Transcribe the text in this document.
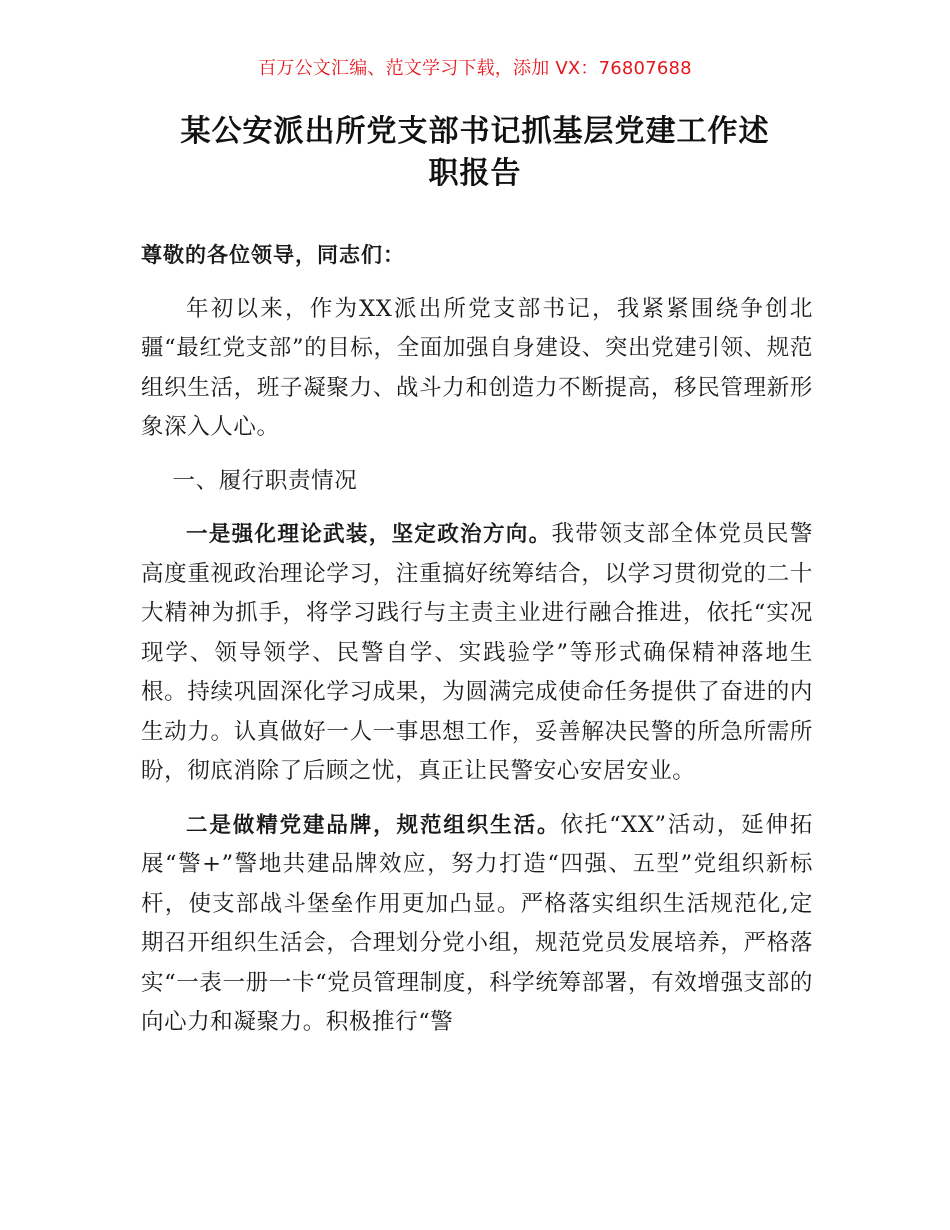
百万公文汇编、范文学习下载，添加 VX：76807688
某公安派出所党支部书记抓基层党建工作述
职报告

尊敬的各位领导，同志们：

年初以来，作为XX派出所党支部书记，我紧紧围绕争创北疆“最红党支部”的目标，全面加强自身建设、突出党建引领、规范组织生活，班子凝聚力、战斗力和创造力不断提高，移民管理新形象深入人心。

一、履行职责情况

一是强化理论武装，坚定政治方向。我带领支部全体党员民警高度重视政治理论学习，注重搞好统筹结合，以学习贯彻党的二十大精神为抓手，将学习践行与主责主业进行融合推进，依托“实况现学、领导领学、民警自学、实践验学”等形式确保精神落地生根。持续巩固深化学习成果，为圆满完成使命任务提供了奋进的内生动力。认真做好一人一事思想工作，妥善解决民警的所急所需所盼，彻底消除了后顾之忧，真正让民警安心安居安业。

二是做精党建品牌，规范组织生活。依托“XX”活动，延伸拓展“警+”警地共建品牌效应，努力打造“四强、五型”党组织新标杆，使支部战斗堡垒作用更加凸显。严格落实组织生活规范化,定期召开组织生活会，合理划分党小组，规范党员发展培养，严格落实“一表一册一卡“党员管理制度，科学统筹部署，有效增强支部的向心力和凝聚力。积极推行“警
